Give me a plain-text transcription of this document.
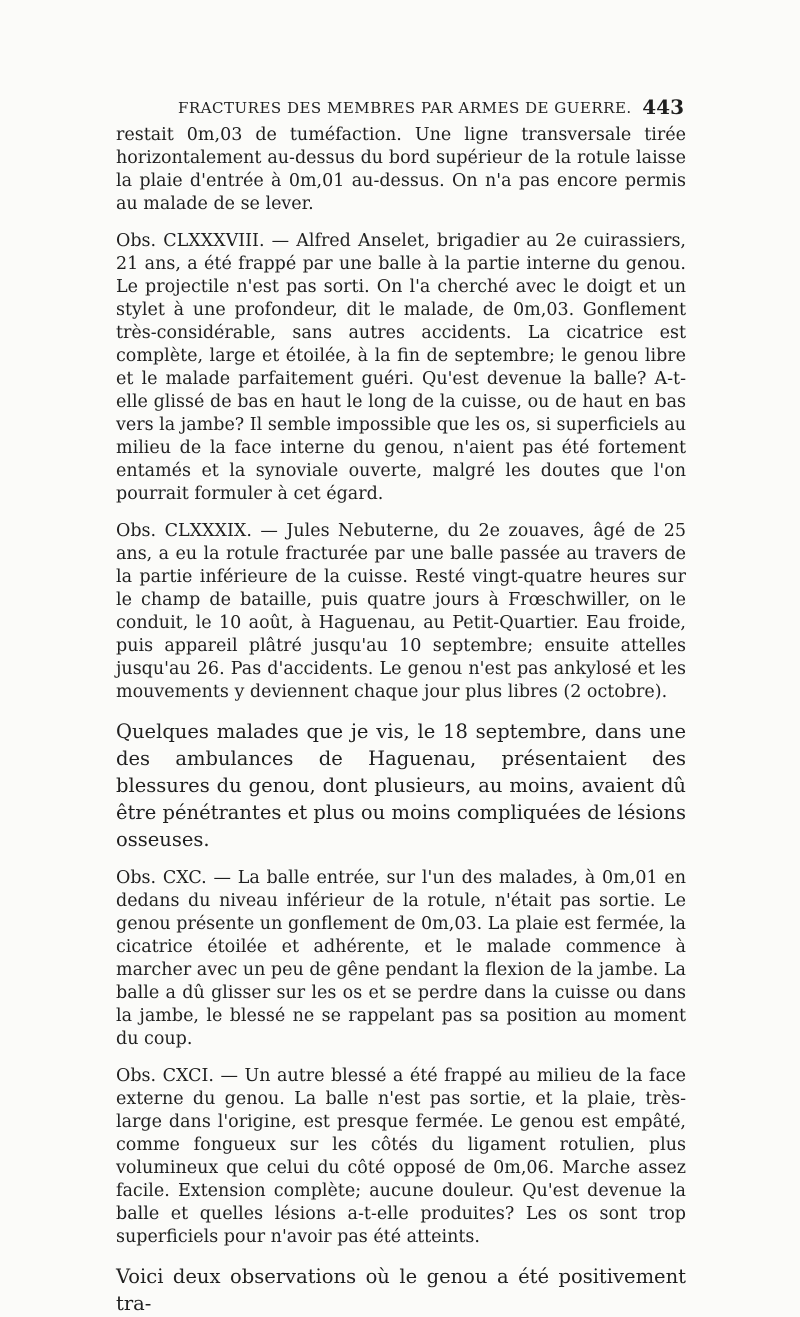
FRACTURES DES MEMBRES PAR ARMES DE GUERRE. 443

restait 0m,03 de tuméfaction. Une ligne transversale tirée horizontalement au-dessus du bord supérieur de la rotule laisse la plaie d'entrée à 0m,01 au-dessus. On n'a pas encore permis au malade de se lever.

Obs. CLXXXVIII. — Alfred Anselet, brigadier au 2e cuirassiers, 21 ans, a été frappé par une balle à la partie interne du genou. Le projectile n'est pas sorti. On l'a cherché avec le doigt et un stylet à une profondeur, dit le malade, de 0m,03. Gonflement très-considérable, sans autres accidents. La cicatrice est complète, large et étoilée, à la fin de septembre; le genou libre et le malade parfaitement guéri. Qu'est devenue la balle? A-t-elle glissé de bas en haut le long de la cuisse, ou de haut en bas vers la jambe? Il semble impossible que les os, si superficiels au milieu de la face interne du genou, n'aient pas été fortement entamés et la synoviale ouverte, malgré les doutes que l'on pourrait formuler à cet égard.

Obs. CLXXXIX. — Jules Nebuterne, du 2e zouaves, âgé de 25 ans, a eu la rotule fracturée par une balle passée au travers de la partie inférieure de la cuisse. Resté vingt-quatre heures sur le champ de bataille, puis quatre jours à Frœschwiller, on le conduit, le 10 août, à Haguenau, au Petit-Quartier. Eau froide, puis appareil plâtré jusqu'au 10 septembre; ensuite attelles jusqu'au 26. Pas d'accidents. Le genou n'est pas ankylosé et les mouvements y deviennent chaque jour plus libres (2 octobre).

Quelques malades que je vis, le 18 septembre, dans une des ambulances de Haguenau, présentaient des blessures du genou, dont plusieurs, au moins, avaient dû être pénétrantes et plus ou moins compliquées de lésions osseuses.

Obs. CXC. — La balle entrée, sur l'un des malades, à 0m,01 en dedans du niveau inférieur de la rotule, n'était pas sortie. Le genou présente un gonflement de 0m,03. La plaie est fermée, la cicatrice étoilée et adhérente, et le malade commence à marcher avec un peu de gêne pendant la flexion de la jambe. La balle a dû glisser sur les os et se perdre dans la cuisse ou dans la jambe, le blessé ne se rappelant pas sa position au moment du coup.

Obs. CXCI. — Un autre blessé a été frappé au milieu de la face externe du genou. La balle n'est pas sortie, et la plaie, très-large dans l'origine, est presque fermée. Le genou est empâté, comme fongueux sur les côtés du ligament rotulien, plus volumineux que celui du côté opposé de 0m,06. Marche assez facile. Extension complète; aucune douleur. Qu'est devenue la balle et quelles lésions a-t-elle produites? Les os sont trop superficiels pour n'avoir pas été atteints.

Voici deux observations où le genou a été positivement tra-
